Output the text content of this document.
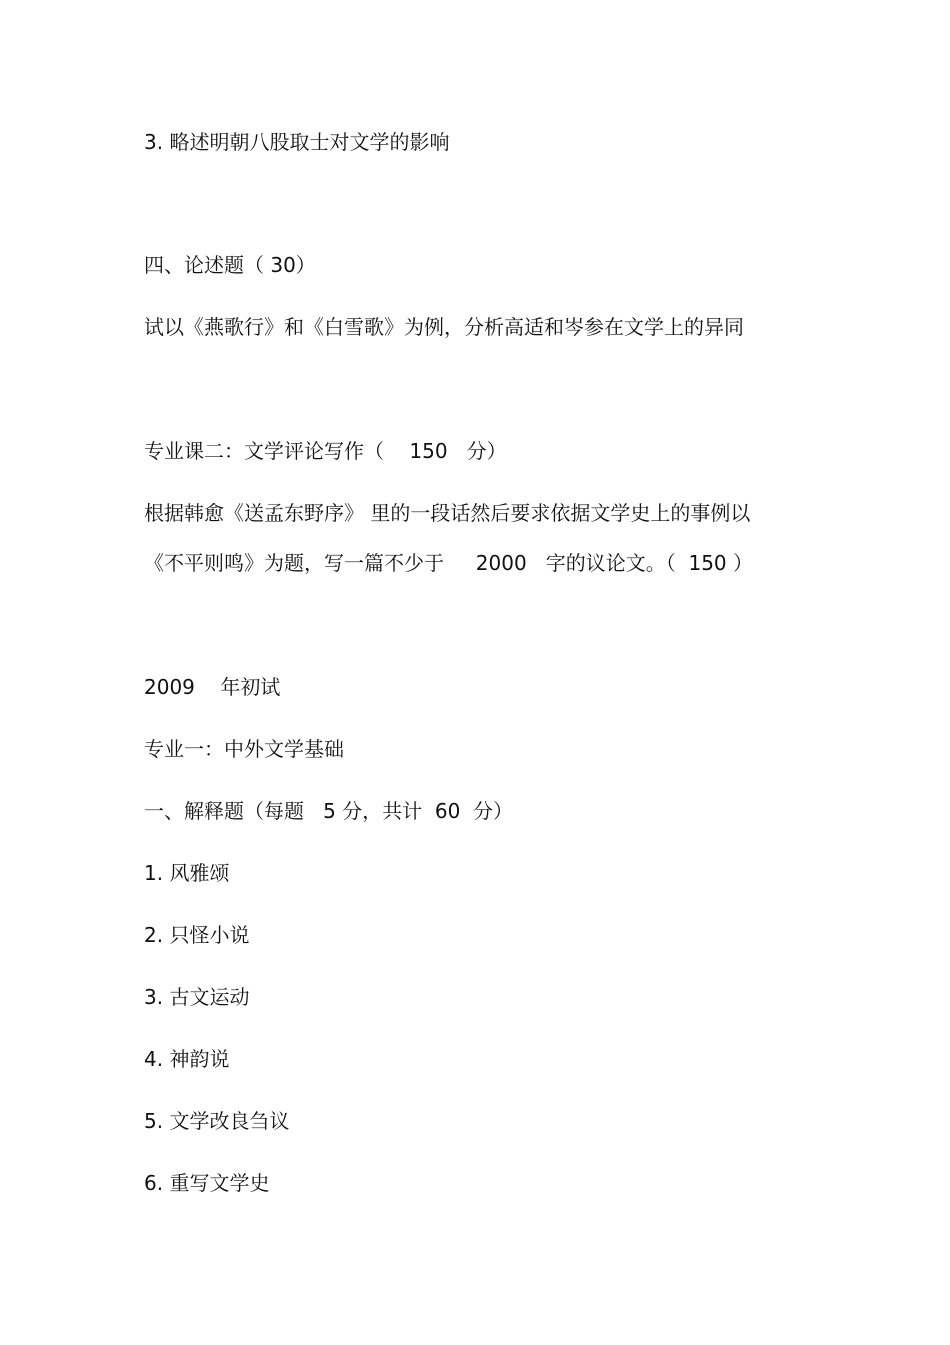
3. 略述明朝八股取士对文学的影响

四、论述题（ 30）

试以《燕歌行》和《白雪歌》为例，分析高适和岑参在文学上的异同

专业课二：文学评论写作（    150   分）

根据韩愈《送孟东野序》 里的一段话然后要求依据文学史上的事例以

《不平则鸣》为题，写一篇不少于     2000   字的议论文。（  150 ）

2009    年初试
专业一：中外文学基础
一、解释题（每题   5 分，共计  60  分）

1. 风雅颂

2. 只怪小说

3. 古文运动

4. 神韵说

5. 文学改良刍议

6. 重写文学史
